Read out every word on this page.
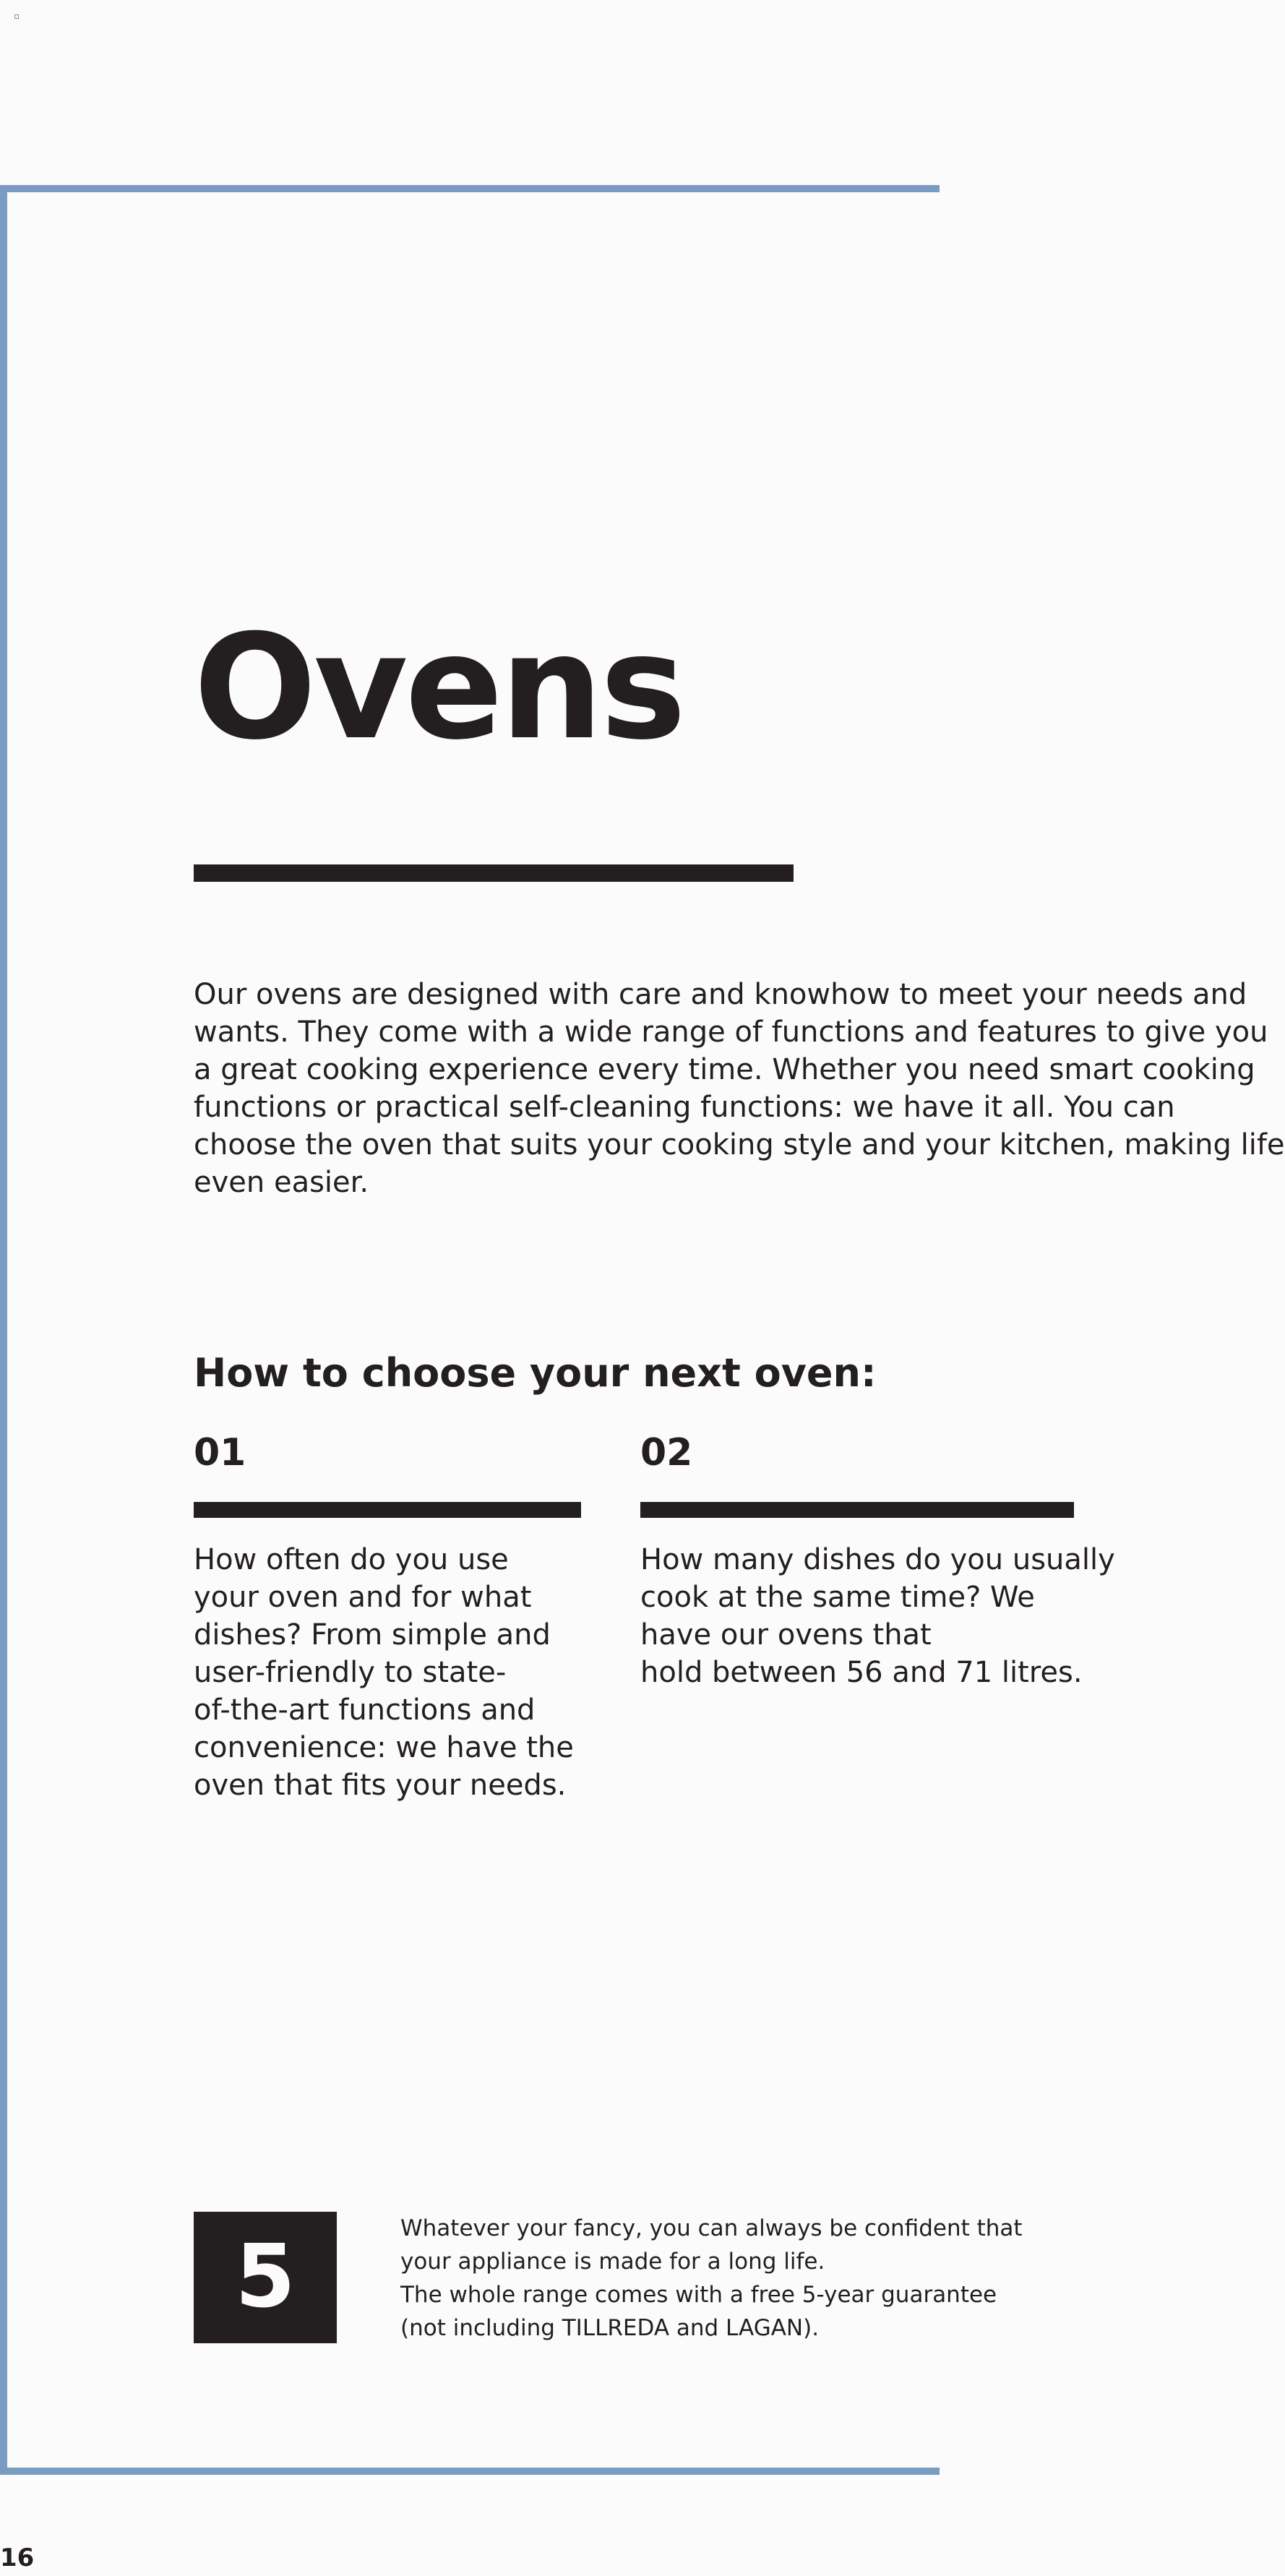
Ovens

Our ovens are designed with care and knowhow to meet your needs and
wants. They come with a wide range of functions and features to give you
a great cooking experience every time. Whether you need smart cooking
functions or practical self-cleaning functions: we have it all. You can
choose the oven that suits your cooking style and your kitchen, making life
even easier.

How to choose your next oven:
01

How often do you use
your oven and for what
dishes? From simple and
user-friendly to state-
of-the-art functions and
convenience: we have the
oven that fits your needs.

02

How many dishes do you usually
cook at the same time? We
have our ovens that
hold between 56 and 71 litres.

5	Whatever your fancy, you can always be confident that
your appliance is made for a long life.
The whole range comes with a free 5-year guarantee
(not including TILLREDA and LAGAN).

16
